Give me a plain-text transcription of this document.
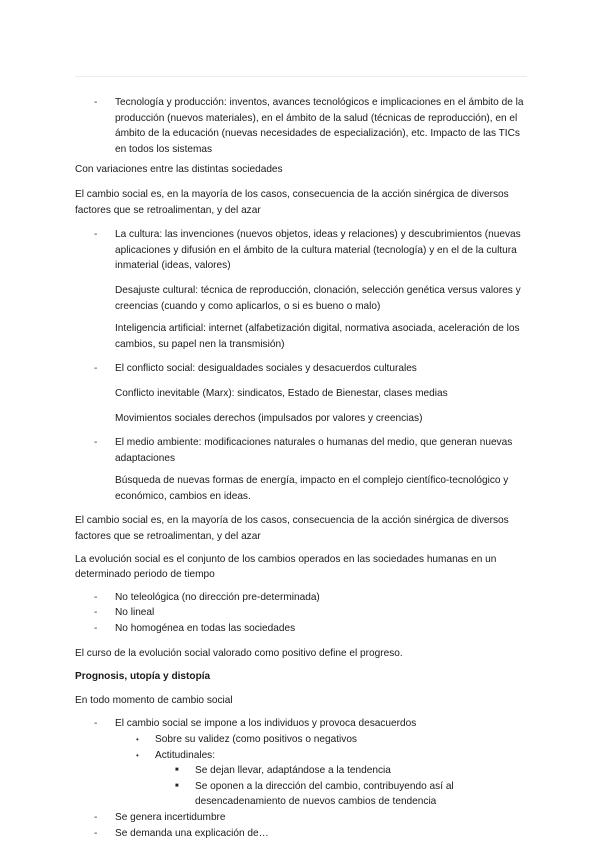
- Tecnología y producción: inventos, avances tecnológicos e implicaciones en el ámbito de la producción (nuevos materiales), en el ámbito de la salud (técnicas de reproducción), en el ámbito de la educación (nuevas necesidades de especialización), etc. Impacto de las TICs en todos los sistemas

Con variaciones entre las distintas sociedades

El cambio social es, en la mayoría de los casos, consecuencia de la acción sinérgica de diversos factores que se retroalimentan, y del azar

- La cultura: las invenciones (nuevos objetos, ideas y relaciones) y descubrimientos (nuevas aplicaciones y difusión en el ámbito de la cultura material (tecnología) y en el de la cultura inmaterial (ideas, valores)

Desajuste cultural: técnica de reproducción, clonación, selección genética versus valores y creencias (cuando y como aplicarlos, o si es bueno o malo)

Inteligencia artificial: internet (alfabetización digital, normativa asociada, aceleración de los cambios, su papel nen la transmisión)

- El conflicto social: desigualdades sociales y desacuerdos culturales

Conflicto inevitable (Marx): sindicatos, Estado de Bienestar, clases medias

Movimientos sociales derechos (impulsados por valores y creencias)

- El medio ambiente: modificaciones naturales o humanas del medio, que generan nuevas adaptaciones

Búsqueda de nuevas formas de energía, impacto en el complejo científico-tecnológico y económico, cambios en ideas.

El cambio social es, en la mayoría de los casos, consecuencia de la acción sinérgica de diversos factores que se retroalimentan, y del azar

La evolución social es el conjunto de los cambios operados en las sociedades humanas en un determinado periodo de tiempo

- No teleológica (no dirección pre-determinada)

- No lineal

- No homogénea en todas las sociedades

El curso de la evolución social valorado como positivo define el progreso.

Prognosis, utopía y distopía

En todo momento de cambio social

- El cambio social se impone a los individuos y provoca desacuerdos

• Sobre su validez (como positivos o negativos

• Actitudinales:

■ Se dejan llevar, adaptándose a la tendencia

■ Se oponen a la dirección del cambio, contribuyendo así al desencadenamiento de nuevos cambios de tendencia

- Se genera incertidumbre

- Se demanda una explicación de…
